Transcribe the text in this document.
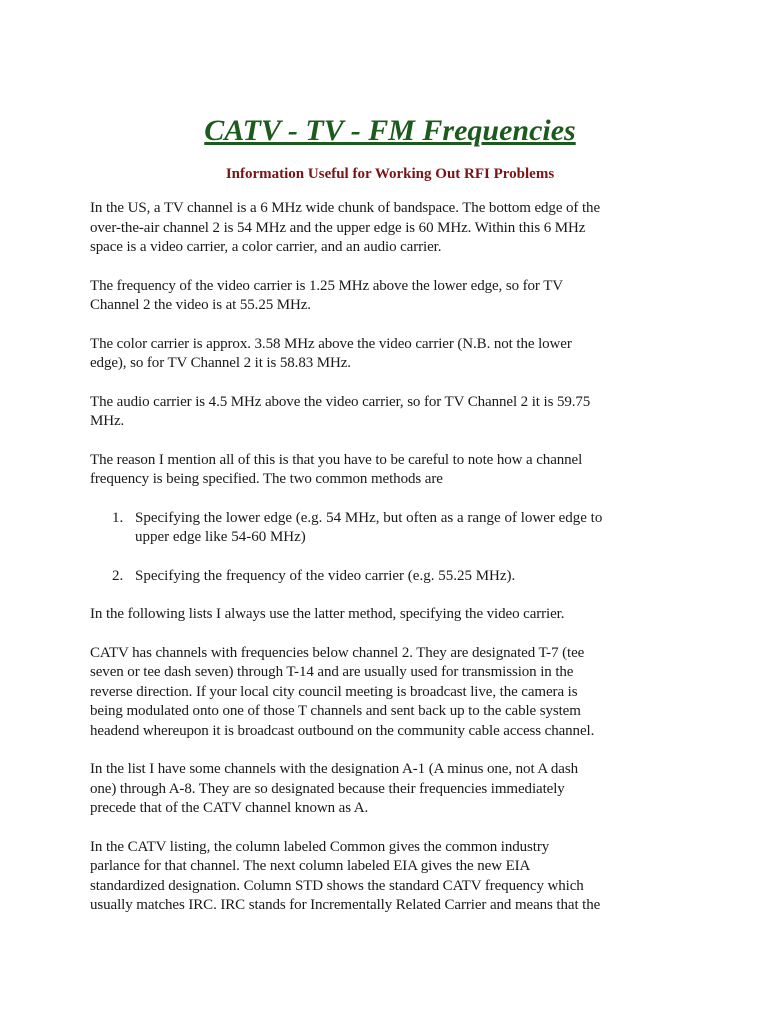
CATV - TV - FM Frequencies
Information Useful for Working Out RFI Problems

In the US, a TV channel is a 6 MHz wide chunk of bandspace. The bottom edge of the
over-the-air channel 2 is 54 MHz and the upper edge is 60 MHz. Within this 6 MHz
space is a video carrier, a color carrier, and an audio carrier.

The frequency of the video carrier is 1.25 MHz above the lower edge, so for TV
Channel 2 the video is at 55.25 MHz.

The color carrier is approx. 3.58 MHz above the video carrier (N.B. not the lower
edge), so for TV Channel 2 it is 58.83 MHz.

The audio carrier is 4.5 MHz above the video carrier, so for TV Channel 2 it is 59.75
MHz.

The reason I mention all of this is that you have to be careful to note how a channel
frequency is being specified. The two common methods are

1. Specifying the lower edge (e.g. 54 MHz, but often as a range of lower edge to
upper edge like 54-60 MHz)
2. Specifying the frequency of the video carrier (e.g. 55.25 MHz).

In the following lists I always use the latter method, specifying the video carrier.

CATV has channels with frequencies below channel 2. They are designated T-7 (tee
seven or tee dash seven) through T-14 and are usually used for transmission in the
reverse direction. If your local city council meeting is broadcast live, the camera is
being modulated onto one of those T channels and sent back up to the cable system
headend whereupon it is broadcast outbound on the community cable access channel.

In the list I have some channels with the designation A-1 (A minus one, not A dash
one) through A-8. They are so designated because their frequencies immediately
precede that of the CATV channel known as A.

In the CATV listing, the column labeled Common gives the common industry
parlance for that channel. The next column labeled EIA gives the new EIA
standardized designation. Column STD shows the standard CATV frequency which
usually matches IRC. IRC stands for Incrementally Related Carrier and means that the
